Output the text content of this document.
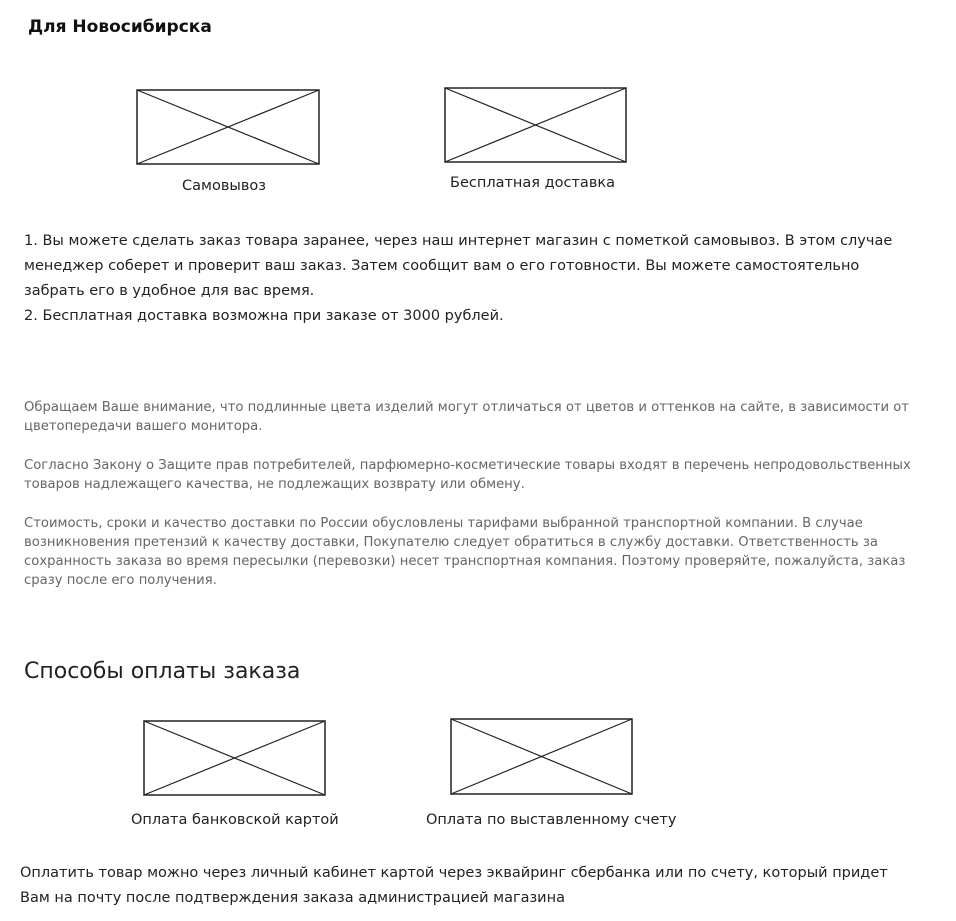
Для Новосибирска
Самовывоз	Бесплатная доставка

1. Вы можете сделать заказ товара заранее, через наш интернет магазин с пометкой самовывоз. В этом случае менеджер соберет и проверит ваш заказ. Затем сообщит вам о его готовности. Вы можете самостоятельно забрать его в удобное для вас время.

2. Бесплатная доставка возможна при заказе от 3000 рублей.

Обращаем Ваше внимание, что подлинные цвета изделий могут отличаться от цветов и оттенков на сайте, в зависимости от цветопередачи вашего монитора.

Согласно Закону о Защите прав потребителей, парфюмерно-косметические товары входят в перечень непродовольственных товаров надлежащего качества, не подлежащих возврату или обмену.

Стоимость, сроки и качество доставки по России обусловлены тарифами выбранной транспортной компании. В случае возникновения претензий к качеству доставки, Покупателю следует обратиться в службу доставки. Ответственность за сохранность заказа во время пересылки (перевозки) несет транспортная компания. Поэтому проверяйте, пожалуйста, заказ сразу после его получения.

Способы оплаты заказа
Оплата банковской картой	Оплата по выставленному счету
Оплатить товар можно через личный кабинет картой через эквайринг сбербанка или по счету, который придет Вам на почту после подтверждения заказа администрацией магазина
